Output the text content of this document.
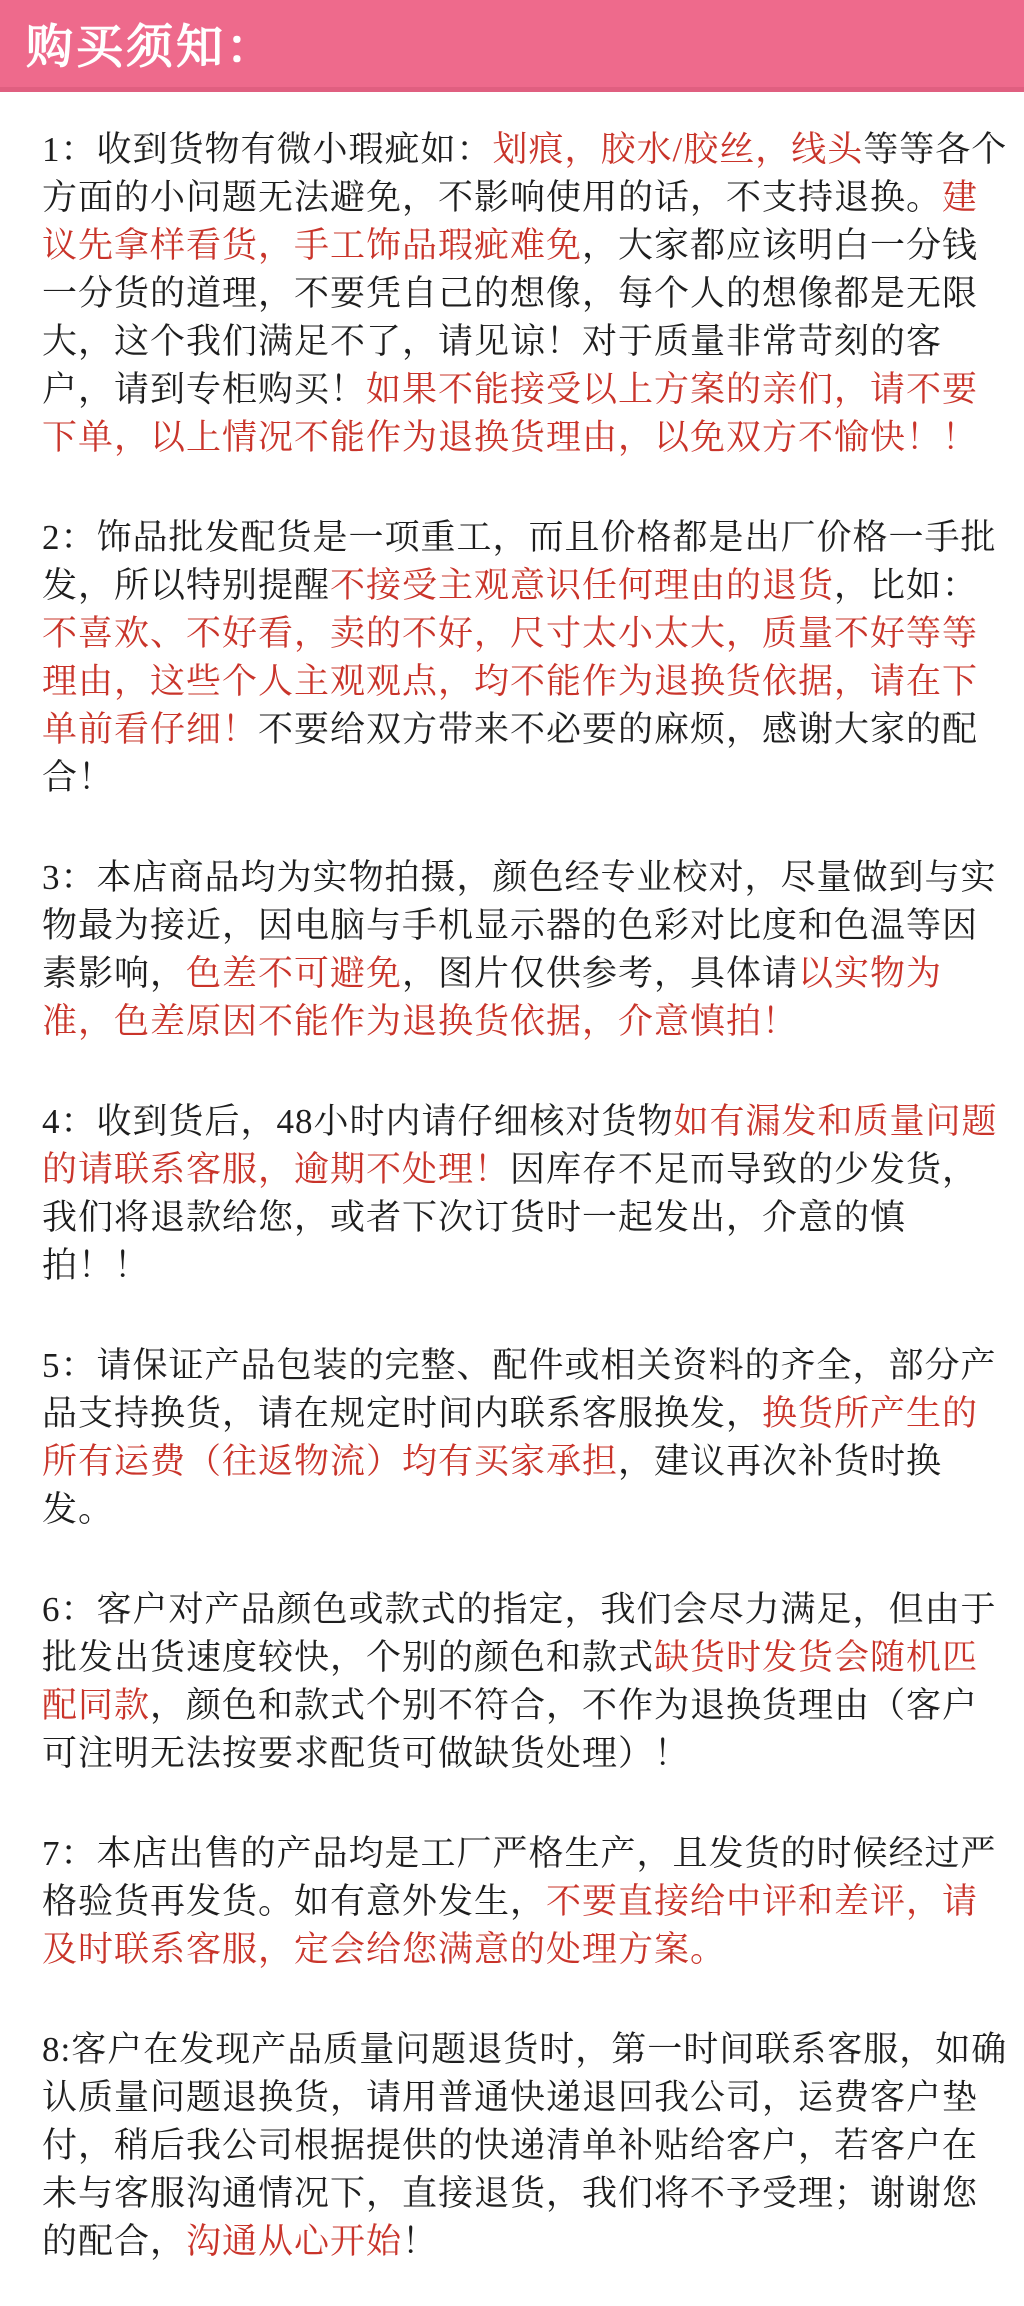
购买须知：

1：收到货物有微小瑕疵如：划痕，胶水/胶丝，线头等等各个方面的小问题无法避免，不影响使用的话，不支持退换。建议先拿样看货，手工饰品瑕疵难免，大家都应该明白一分钱一分货的道理，不要凭自己的想像，每个人的想像都是无限大，这个我们满足不了，请见谅！对于质量非常苛刻的客户，请到专柜购买！如果不能接受以上方案的亲们，请不要下单，以上情况不能作为退换货理由，以免双方不愉快！！

2：饰品批发配货是一项重工，而且价格都是出厂价格一手批发，所以特别提醒不接受主观意识任何理由的退货，比如：不喜欢、不好看，卖的不好，尺寸太小太大，质量不好等等理由，这些个人主观观点，均不能作为退换货依据，请在下单前看仔细！不要给双方带来不必要的麻烦，感谢大家的配合！

3：本店商品均为实物拍摄，颜色经专业校对，尽量做到与实物最为接近，因电脑与手机显示器的色彩对比度和色温等因素影响，色差不可避免，图片仅供参考，具体请以实物为准，色差原因不能作为退换货依据，介意慎拍！

4：收到货后，48小时内请仔细核对货物如有漏发和质量问题的请联系客服，逾期不处理！因库存不足而导致的少发货，我们将退款给您，或者下次订货时一起发出，介意的慎拍！！

5：请保证产品包装的完整、配件或相关资料的齐全，部分产品支持换货，请在规定时间内联系客服换发，换货所产生的所有运费（往返物流）均有买家承担，建议再次补货时换发。

6：客户对产品颜色或款式的指定，我们会尽力满足，但由于批发出货速度较快，个别的颜色和款式缺货时发货会随机匹配同款，颜色和款式个别不符合，不作为退换货理由（客户可注明无法按要求配货可做缺货处理）！

7：本店出售的产品均是工厂严格生产，且发货的时候经过严格验货再发货。如有意外发生，不要直接给中评和差评，请及时联系客服，定会给您满意的处理方案。

8:客户在发现产品质量问题退货时，第一时间联系客服，如确认质量问题退换货，请用普通快递退回我公司，运费客户垫付，稍后我公司根据提供的快递清单补贴给客户，若客户在未与客服沟通情况下，直接退货，我们将不予受理；谢谢您的配合，沟通从心开始！
